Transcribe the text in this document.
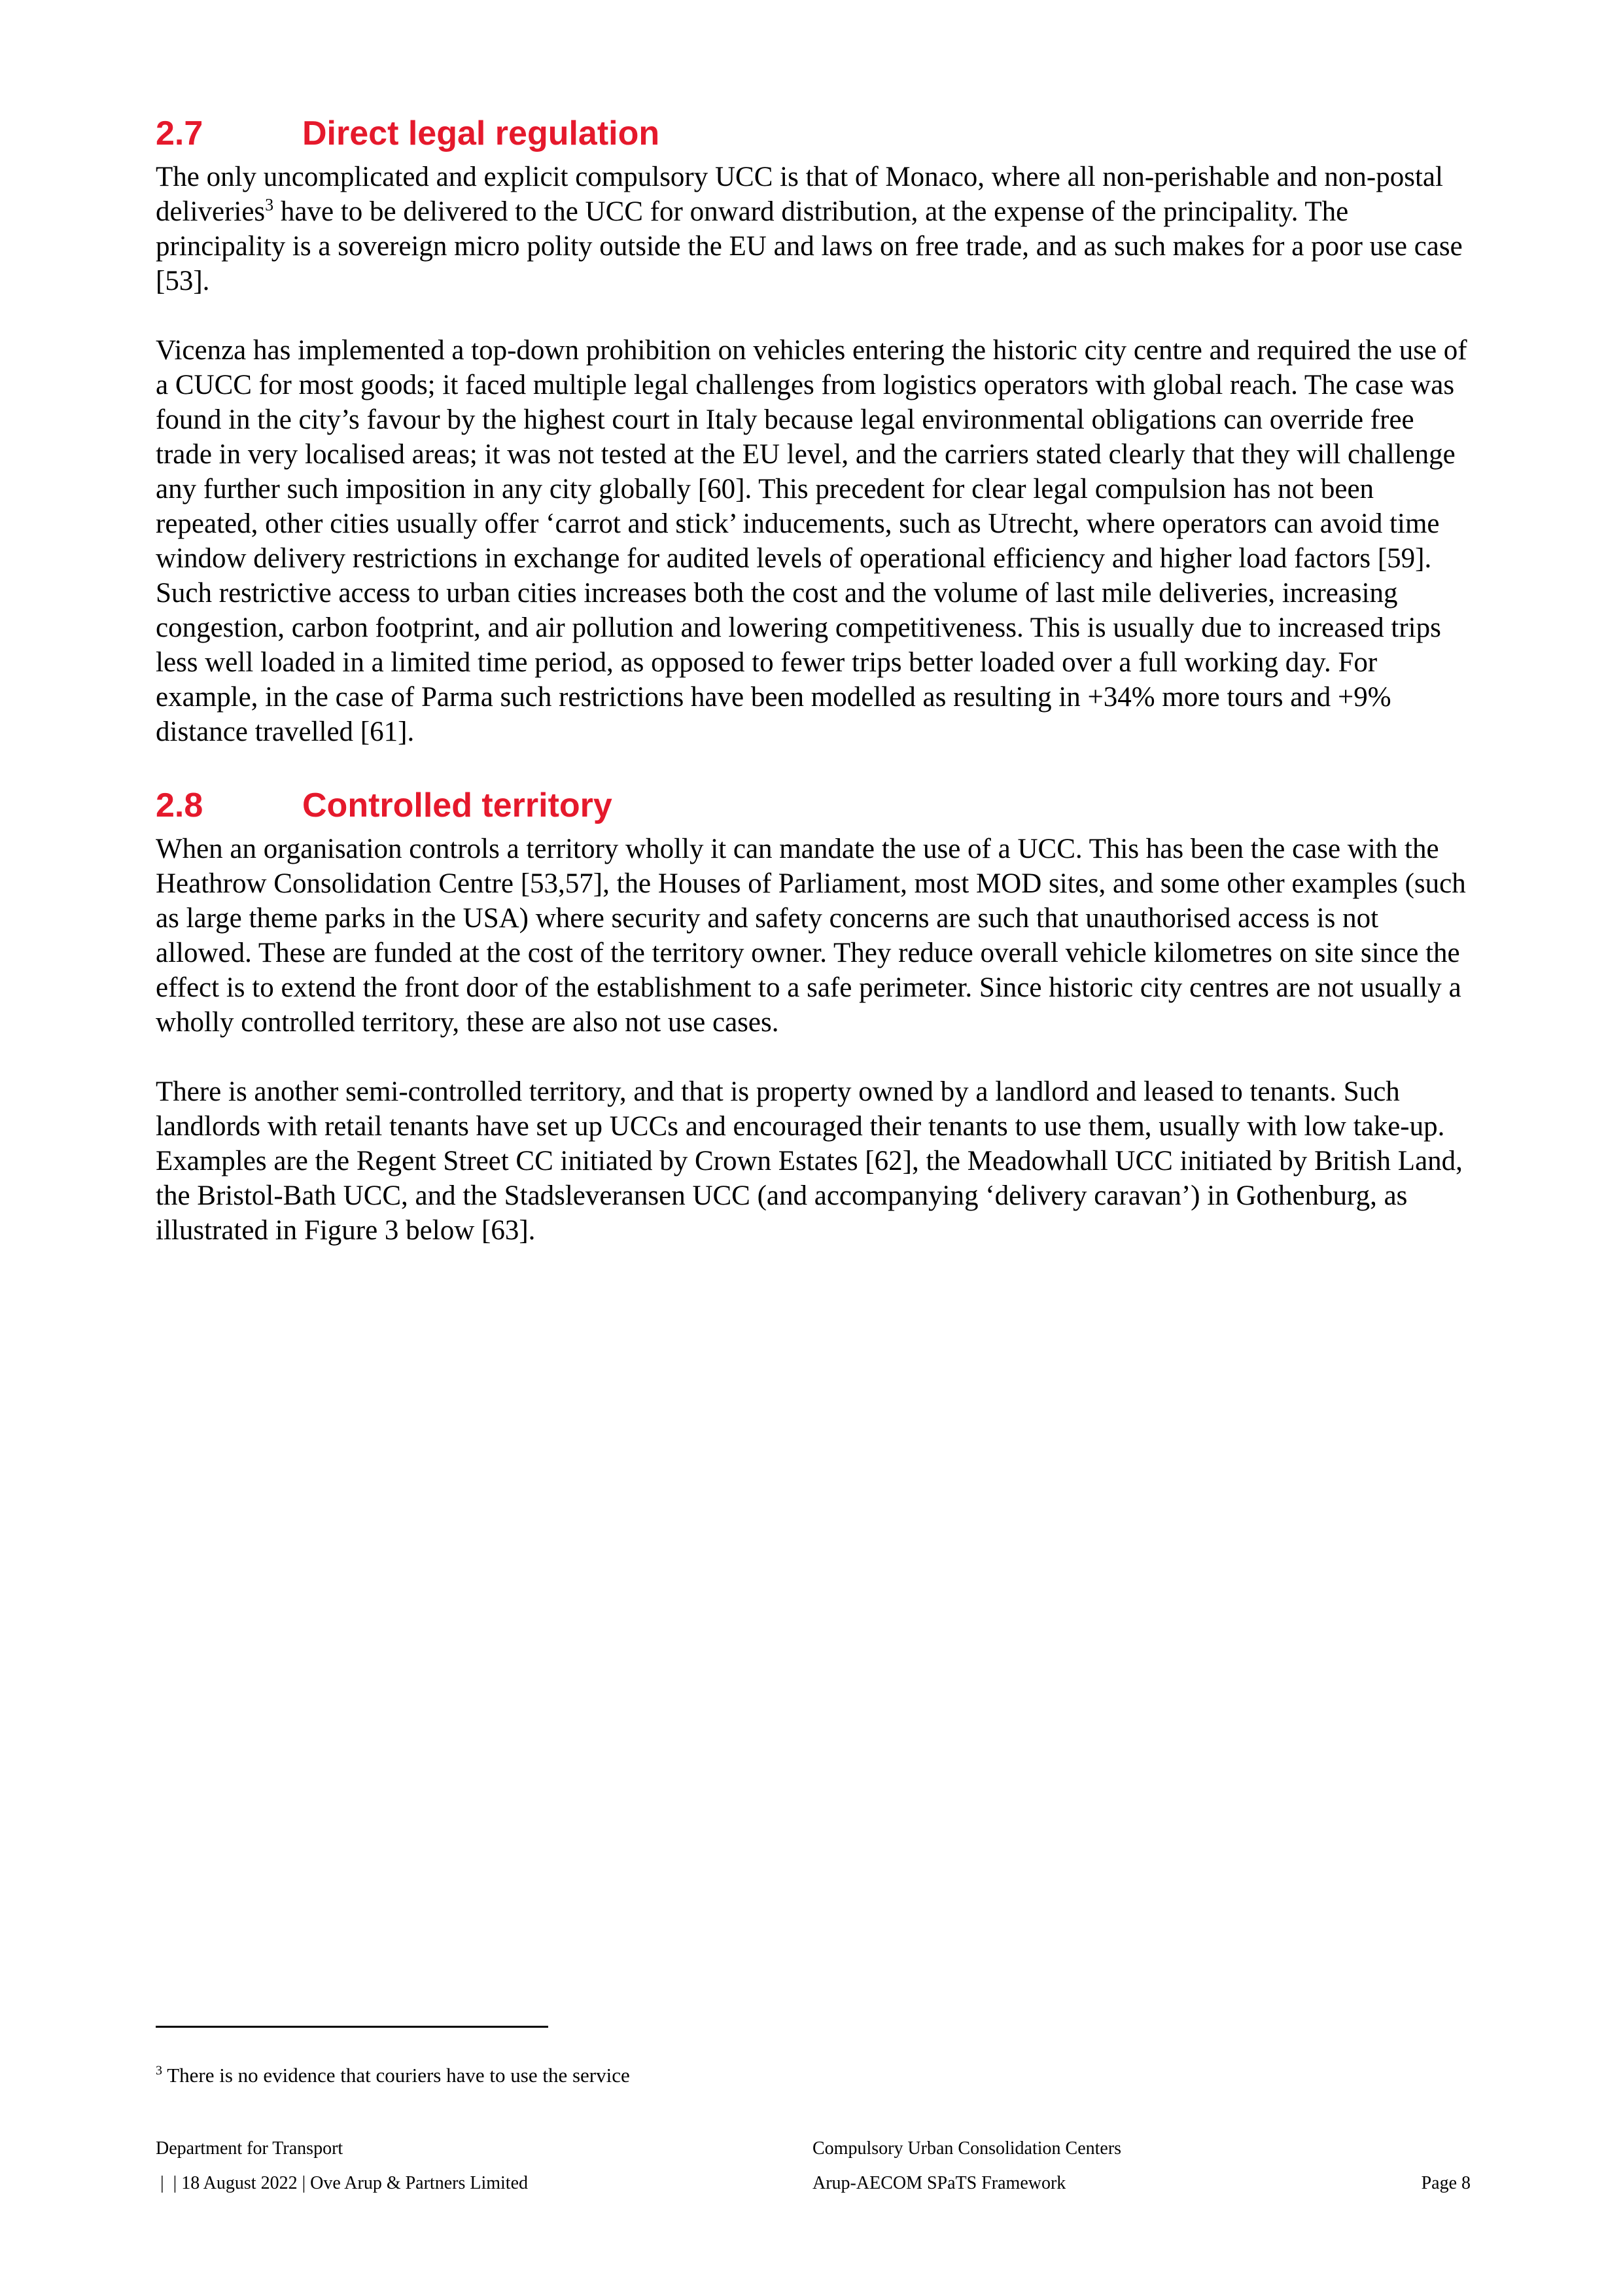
2.7	Direct legal regulation

The only uncomplicated and explicit compulsory UCC is that of Monaco, where all non-perishable and non-postal deliveries$^3$ have to be delivered to the UCC for onward distribution, at the expense of the principality. The principality is a sovereign micro polity outside the EU and laws on free trade, and as such makes for a poor use case [53].

Vicenza has implemented a top-down prohibition on vehicles entering the historic city centre and required the use of a CUCC for most goods; it faced multiple legal challenges from logistics operators with global reach. The case was found in the city’s favour by the highest court in Italy because legal environmental obligations can override free trade in very localised areas; it was not tested at the EU level, and the carriers stated clearly that they will challenge any further such imposition in any city globally [60]. This precedent for clear legal compulsion has not been repeated, other cities usually offer ‘carrot and stick’ inducements, such as Utrecht, where operators can avoid time window delivery restrictions in exchange for audited levels of operational efficiency and higher load factors [59]. Such restrictive access to urban cities increases both the cost and the volume of last mile deliveries, increasing congestion, carbon footprint, and air pollution and lowering competitiveness. This is usually due to increased trips less well loaded in a limited time period, as opposed to fewer trips better loaded over a full working day. For example, in the case of Parma such restrictions have been modelled as resulting in +34% more tours and +9% distance travelled [61].

2.8	Controlled territory

When an organisation controls a territory wholly it can mandate the use of a UCC. This has been the case with the Heathrow Consolidation Centre [53,57], the Houses of Parliament, most MOD sites, and some other examples (such as large theme parks in the USA) where security and safety concerns are such that unauthorised access is not allowed. These are funded at the cost of the territory owner. They reduce overall vehicle kilometres on site since the effect is to extend the front door of the establishment to a safe perimeter. Since historic city centres are not usually a wholly controlled territory, these are also not use cases.

There is another semi-controlled territory, and that is property owned by a landlord and leased to tenants. Such landlords with retail tenants have set up UCCs and encouraged their tenants to use them, usually with low take-up. Examples are the Regent Street CC initiated by Crown Estates [62], the Meadowhall UCC initiated by British Land, the Bristol-Bath UCC, and the Stadsleveransen UCC (and accompanying ‘delivery caravan’) in Gothenburg, as illustrated in Figure 3 below [63].

$^3$ There is no evidence that couriers have to use the service
Department for Transport	Compulsory Urban Consolidation Centers
|  | 18 August 2022 | Ove Arup & Partners Limited	Arup-AECOM SPaTS Framework	Page 8
